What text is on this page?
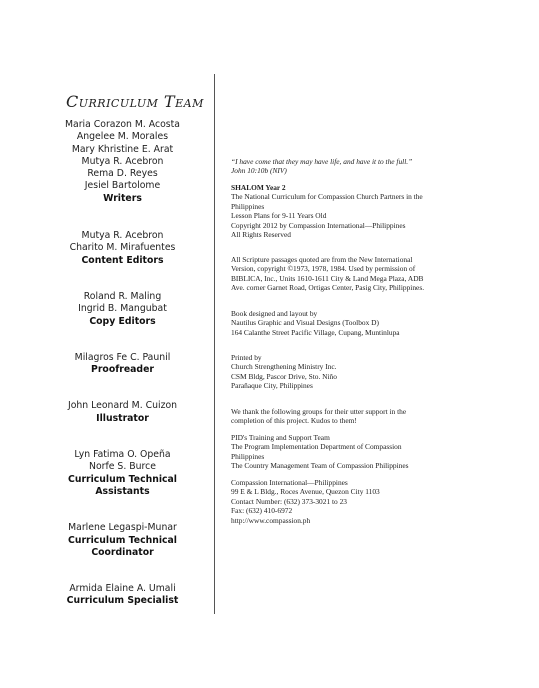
Curriculum Team
Maria Corazon M. Acosta
Angelee M. Morales
Mary Khristine E. Arat
Mutya R. Acebron
Rema D. Reyes
Jesiel Bartolome
Writers
Mutya R. Acebron
Charito M. Mirafuentes
Content Editors
Roland R. Maling
Ingrid B. Mangubat
Copy Editors
Milagros Fe C. Paunil
Proofreader
John Leonard M. Cuizon
Illustrator
Lyn Fatima O. Opeña
Norfe S. Burce
Curriculum Technical Assistants
Marlene Legaspi-Munar
Curriculum Technical Coordinator
Armida Elaine A. Umali
Curriculum Specialist

“I have come that they may have life, and have it to the full.”

John 10:10b (NIV)

SHALOM Year 2

The National Curriculum for Compassion Church Partners in the

Philippines

Lesson Plans for 9-11 Years Old

Copyright 2012 by Compassion International—Philippines

All Rights Reserved

All Scripture passages quoted are from the New International

Version, copyright ©1973, 1978, 1984. Used by permission of

BIBLICA, Inc., Units 1610-1611 City & Land Mega Plaza, ADB

Ave. corner Garnet Road, Ortigas Center, Pasig City, Philippines.

Book designed and layout by

Nautilus Graphic and Visual Designs (Toolbox D)

164 Calanthe Street Pacific Village, Cupang, Muntinlupa

Printed by

Church Strengthening Ministry Inc.

CSM Bldg, Pascor Drive, Sto. Niño

Parañaque City, Philippines

We thank the following groups for their utter support in the

completion of this project. Kudos to them!

PID's Training and Support Team

The Program Implementation Department of Compassion

Philippines

The Country Management Team of Compassion Philippines

Compassion International—Philippines

99 E & L Bldg., Roces Avenue, Quezon City 1103

Contact Number: (632) 373-3021 to 23

Fax: (632) 410-6972

http://www.compassion.ph
